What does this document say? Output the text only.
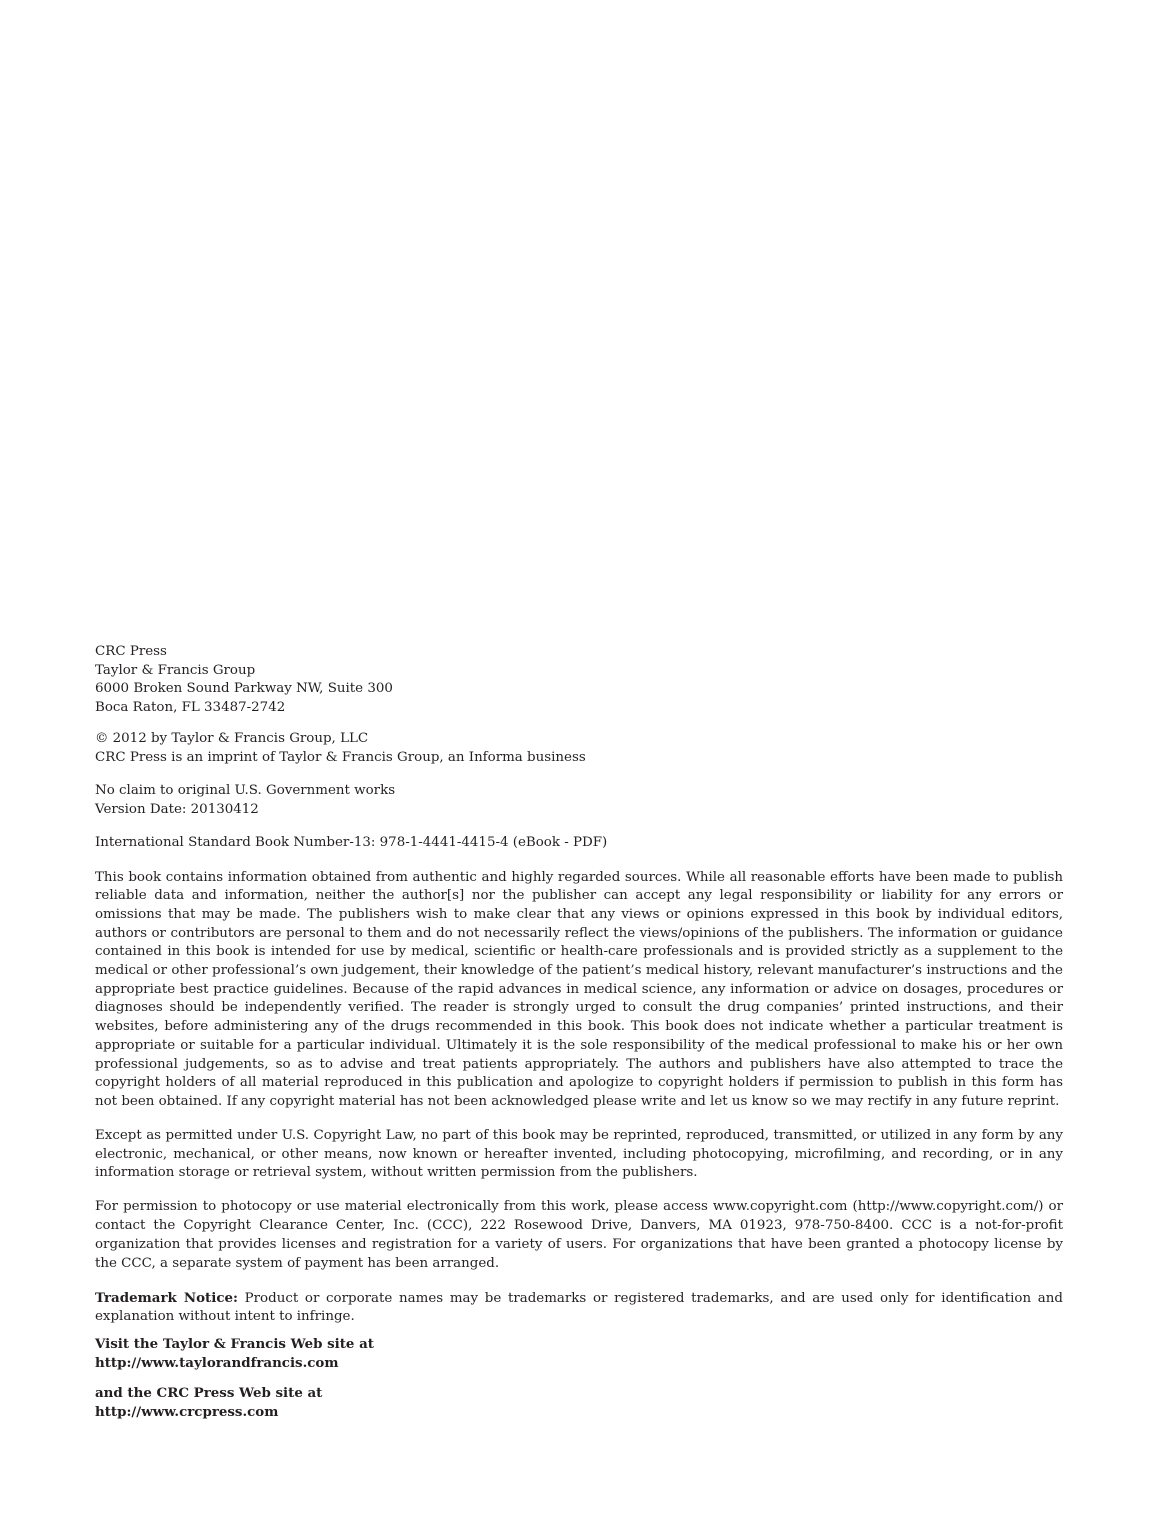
CRC Press
Taylor & Francis Group
6000 Broken Sound Parkway NW, Suite 300
Boca Raton, FL 33487-2742
© 2012 by Taylor & Francis Group, LLC
CRC Press is an imprint of Taylor & Francis Group, an Informa business
No claim to original U.S. Government works
Version Date: 20130412

International Standard Book Number-13: 978-1-4441-4415-4 (eBook - PDF)

This book contains information obtained from authentic and highly regarded sources. While all reasonable efforts have been made to publish reliable data and information, neither the author[s] nor the publisher can accept any legal responsibility or liability for any errors or omissions that may be made. The publishers wish to make clear that any views or opinions expressed in this book by individual editors, authors or contributors are personal to them and do not necessarily reflect the views/opinions of the publishers. The information or guidance contained in this book is intended for use by medical, scientific or health-care professionals and is provided strictly as a supplement to the medical or other professional’s own judgement, their knowledge of the patient’s medical history, relevant manufacturer’s instructions and the appropriate best practice guidelines. Because of the rapid advances in medical science, any information or advice on dosages, procedures or diagnoses should be independently verified. The reader is strongly urged to consult the drug companies’ printed instructions, and their websites, before administering any of the drugs recommended in this book. This book does not indicate whether a particular treatment is appropriate or suitable for a particular individual. Ultimately it is the sole responsibility of the medical professional to make his or her own professional judgements, so as to advise and treat patients appropriately. The authors and publishers have also attempted to trace the copyright holders of all material reproduced in this publication and apologize to copyright holders if permission to publish in this form has not been obtained. If any copyright material has not been acknowledged please write and let us know so we may rectify in any future reprint.

Except as permitted under U.S. Copyright Law, no part of this book may be reprinted, reproduced, transmitted, or utilized in any form by any electronic, mechanical, or other means, now known or hereafter invented, including photocopying, microfilming, and recording, or in any information storage or retrieval system, without written permission from the publishers.

For permission to photocopy or use material electronically from this work, please access www.copyright.com (http://www.copyright.com/) or contact the Copyright Clearance Center, Inc. (CCC), 222 Rosewood Drive, Danvers, MA 01923, 978-750-8400. CCC is a not-for-profit organization that provides licenses and registration for a variety of users. For organizations that have been granted a photocopy license by the CCC, a separate system of payment has been arranged.

Trademark Notice: Product or corporate names may be trademarks or registered trademarks, and are used only for identification and explanation without intent to infringe.

Visit the Taylor & Francis Web site at
http://www.taylorandfrancis.com
and the CRC Press Web site at
http://www.crcpress.com
